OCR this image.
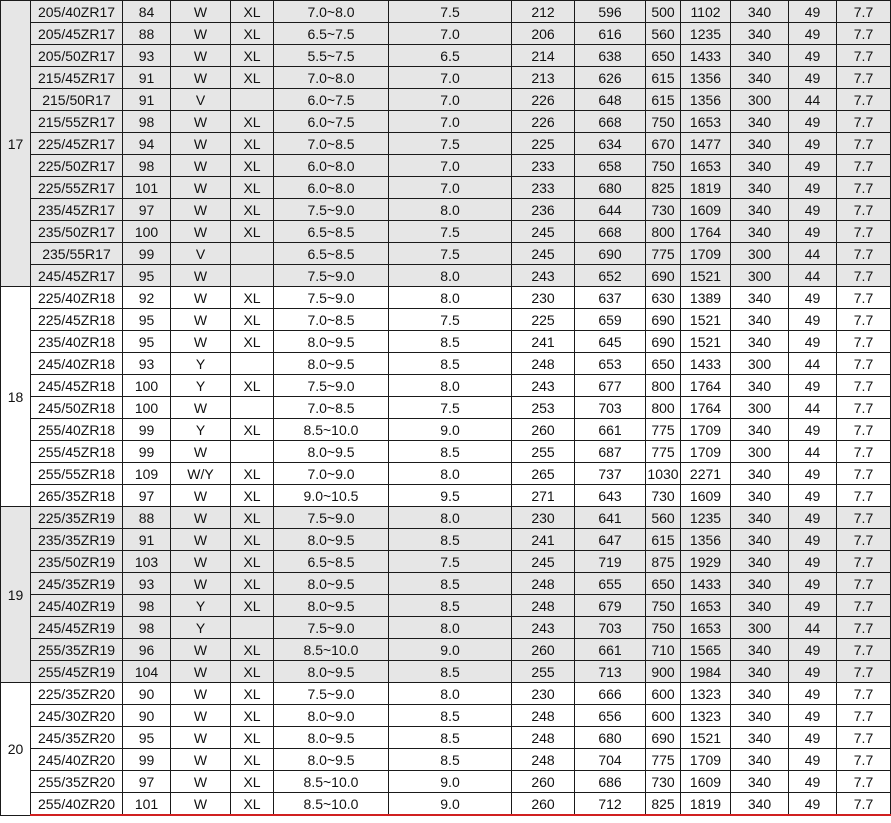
17	205/40ZR17	84	W	XL	7.0~8.0	7.5	212	596	500	1102	340	49	7.7
	205/45ZR17	88	W	XL	6.5~7.5	7.0	206	616	560	1235	340	49	7.7
	205/50ZR17	93	W	XL	5.5~7.5	6.5	214	638	650	1433	340	49	7.7
	215/45ZR17	91	W	XL	7.0~8.0	7.0	213	626	615	1356	340	49	7.7
	215/50R17	91	V		6.0~7.5	7.0	226	648	615	1356	300	44	7.7
	215/55ZR17	98	W	XL	6.0~7.5	7.0	226	668	750	1653	340	49	7.7
	225/45ZR17	94	W	XL	7.0~8.5	7.5	225	634	670	1477	340	49	7.7
	225/50ZR17	98	W	XL	6.0~8.0	7.0	233	658	750	1653	340	49	7.7
	225/55ZR17	101	W	XL	6.0~8.0	7.0	233	680	825	1819	340	49	7.7
	235/45ZR17	97	W	XL	7.5~9.0	8.0	236	644	730	1609	340	49	7.7
	235/50ZR17	100	W	XL	6.5~8.5	7.5	245	668	800	1764	340	49	7.7
	235/55R17	99	V		6.5~8.5	7.5	245	690	775	1709	300	44	7.7
	245/45ZR17	95	W		7.5~9.0	8.0	243	652	690	1521	300	44	7.7
18	225/40ZR18	92	W	XL	7.5~9.0	8.0	230	637	630	1389	340	49	7.7
	225/45ZR18	95	W	XL	7.0~8.5	7.5	225	659	690	1521	340	49	7.7
	235/40ZR18	95	W	XL	8.0~9.5	8.5	241	645	690	1521	340	49	7.7
	245/40ZR18	93	Y		8.0~9.5	8.5	248	653	650	1433	300	44	7.7
	245/45ZR18	100	Y	XL	7.5~9.0	8.0	243	677	800	1764	340	49	7.7
	245/50ZR18	100	W		7.0~8.5	7.5	253	703	800	1764	300	44	7.7
	255/40ZR18	99	Y	XL	8.5~10.0	9.0	260	661	775	1709	340	49	7.7
	255/45ZR18	99	W		8.0~9.5	8.5	255	687	775	1709	300	44	7.7
	255/55ZR18	109	W/Y	XL	7.0~9.0	8.0	265	737	1030	2271	340	49	7.7
	265/35ZR18	97	W	XL	9.0~10.5	9.5	271	643	730	1609	340	49	7.7
19	225/35ZR19	88	W	XL	7.5~9.0	8.0	230	641	560	1235	340	49	7.7
	235/35ZR19	91	W	XL	8.0~9.5	8.5	241	647	615	1356	340	49	7.7
	235/50ZR19	103	W	XL	6.5~8.5	7.5	245	719	875	1929	340	49	7.7
	245/35ZR19	93	W	XL	8.0~9.5	8.5	248	655	650	1433	340	49	7.7
	245/40ZR19	98	Y	XL	8.0~9.5	8.5	248	679	750	1653	340	49	7.7
	245/45ZR19	98	Y		7.5~9.0	8.0	243	703	750	1653	300	44	7.7
	255/35ZR19	96	W	XL	8.5~10.0	9.0	260	661	710	1565	340	49	7.7
	255/45ZR19	104	W	XL	8.0~9.5	8.5	255	713	900	1984	340	49	7.7
20	225/35ZR20	90	W	XL	7.5~9.0	8.0	230	666	600	1323	340	49	7.7
	245/30ZR20	90	W	XL	8.0~9.0	8.5	248	656	600	1323	340	49	7.7
	245/35ZR20	95	W	XL	8.0~9.5	8.5	248	680	690	1521	340	49	7.7
	245/40ZR20	99	W	XL	8.0~9.5	8.5	248	704	775	1709	340	49	7.7
	255/35ZR20	97	W	XL	8.5~10.0	9.0	260	686	730	1609	340	49	7.7
	255/40ZR20	101	W	XL	8.5~10.0	9.0	260	712	825	1819	340	49	7.7
